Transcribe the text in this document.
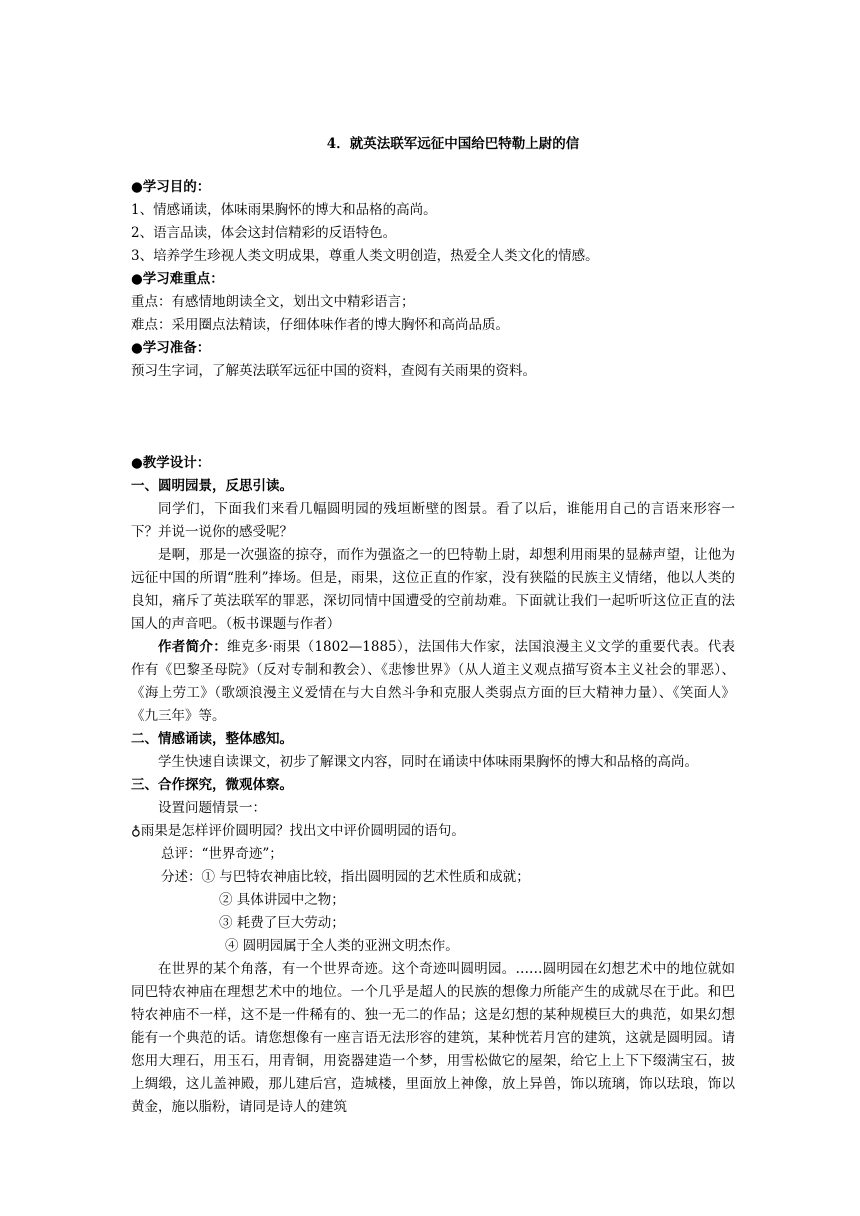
4．就英法联军远征中国给巴特勒上尉的信

●学习目的：

1、情感诵读，体味雨果胸怀的博大和品格的高尚。

2、语言品读，体会这封信精彩的反语特色。

3、培养学生珍视人类文明成果，尊重人类文明创造，热爱全人类文化的情感。

●学习难重点：

重点：有感情地朗读全文，划出文中精彩语言；

难点：采用圈点法精读，仔细体味作者的博大胸怀和高尚品质。

●学习准备：

预习生字词，了解英法联军远征中国的资料，查阅有关雨果的资料。

●教学设计：

一、圆明园景，反思引读。

同学们，下面我们来看几幅圆明园的残垣断壁的图景。看了以后，谁能用自己的言语来形容一下？并说一说你的感受呢？

是啊，那是一次强盗的掠夺，而作为强盗之一的巴特勒上尉，却想利用雨果的显赫声望，让他为远征中国的所谓“胜利”捧场。但是，雨果，这位正直的作家，没有狭隘的民族主义情绪，他以人类的良知，痛斥了英法联军的罪恶，深切同情中国遭受的空前劫难。下面就让我们一起听听这位正直的法国人的声音吧。（板书课题与作者）

作者简介：维克多·雨果（1802—1885），法国伟大作家，法国浪漫主义文学的重要代表。代表作有《巴黎圣母院》（反对专制和教会）、《悲惨世界》（从人道主义观点描写资本主义社会的罪恶）、《海上劳工》（歌颂浪漫主义爱情在与大自然斗争和克服人类弱点方面的巨大精神力量）、《笑面人》《九三年》等。

二、情感诵读，整体感知。

学生快速自读课文，初步了解课文内容，同时在诵读中体味雨果胸怀的博大和品格的高尚。

三、合作探究，微观体察。

设置问题情景一：

♁雨果是怎样评价圆明园？找出文中评价圆明园的语句。

总评：“世界奇迹”；

分述：① 与巴特农神庙比较，指出圆明园的艺术性质和成就；

② 具体讲园中之物；

③ 耗费了巨大劳动；

④ 圆明园属于全人类的亚洲文明杰作。

在世界的某个角落，有一个世界奇迹。这个奇迹叫圆明园。……圆明园在幻想艺术中的地位就如同巴特农神庙在理想艺术中的地位。一个几乎是超人的民族的想像力所能产生的成就尽在于此。和巴特农神庙不一样，这不是一件稀有的、独一无二的作品；这是幻想的某种规模巨大的典范，如果幻想能有一个典范的话。请您想像有一座言语无法形容的建筑，某种恍若月宫的建筑，这就是圆明园。请您用大理石，用玉石，用青铜，用瓷器建造一个梦，用雪松做它的屋架，给它上上下下缀满宝石，披上绸缎，这儿盖神殿，那儿建后宫，造城楼，里面放上神像，放上异兽，饰以琉璃，饰以珐琅，饰以黄金，施以脂粉，请同是诗人的建筑
